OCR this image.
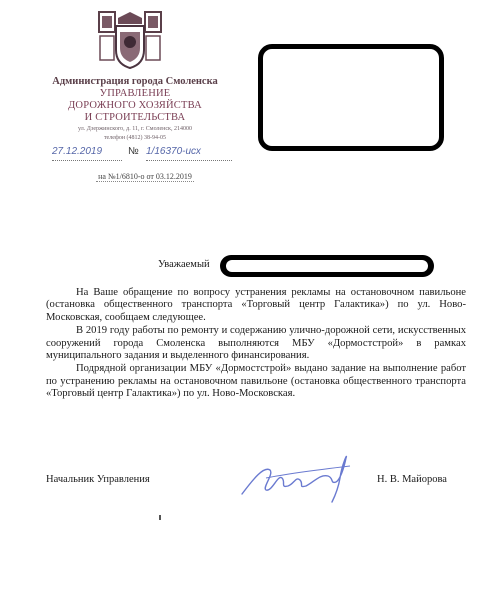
Администрация города Смоленска
УПРАВЛЕНИЕ
ДОРОЖНОГО ХОЗЯЙСТВА
И СТРОИТЕЛЬСТВА
ул. Дзержинского, д. 11, г. Смоленск, 214000
телефон (4812) 38-94-05
27.12.2019	№ 1/16370-исх
на №1/6810-о от 03.12.2019
Уважаемый

На Ваше обращение по вопросу устранения рекламы на остановочном павильоне (остановка общественного транспорта «Торговый центр Галактика») по ул. Ново-Московская, сообщаем следующее.

В 2019 году работы по ремонту и содержанию улично-дорожной сети, искусственных сооружений города Смоленска выполняются МБУ «Дормостстрой» в рамках муниципального задания и выделенного финансирования.

Подрядной организации МБУ «Дормостстрой» выдано задание на выполнение работ по устранению рекламы на остановочном павильоне (остановка общественного транспорта «Торговый центр Галактика») по ул. Ново-Московская.

Начальник Управления	Н. В. Майорова
